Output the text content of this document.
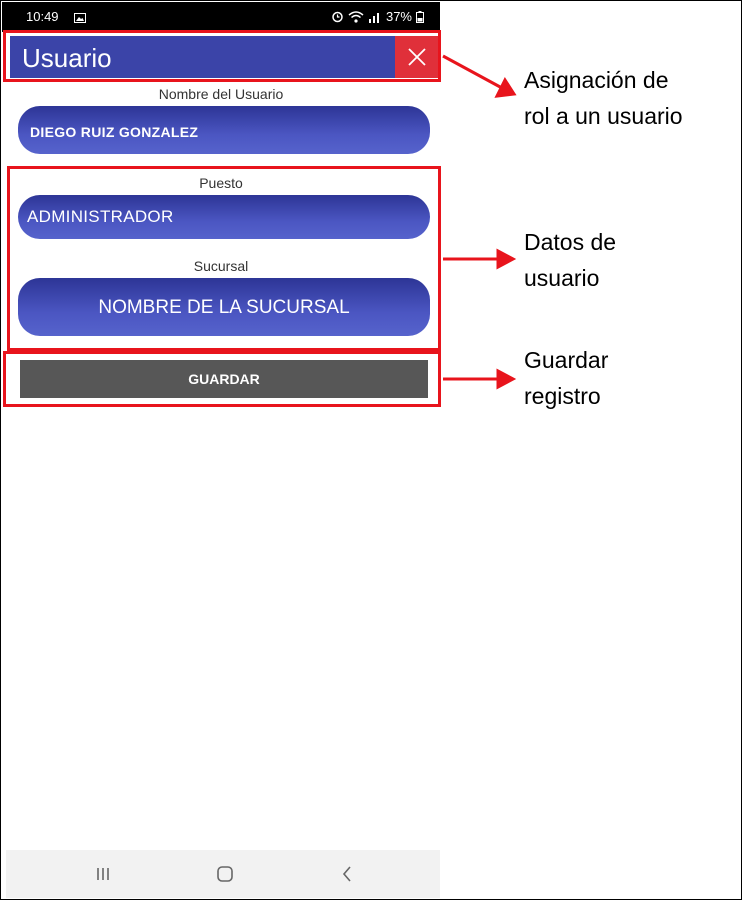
10:49	37%
Usuario
Nombre del Usuario
DIEGO RUIZ GONZALEZ
Puesto
ADMINISTRADOR
Sucursal
NOMBRE DE LA SUCURSAL
GUARDAR
Asignación de
rol a un usuario
Datos de
usuario
Guardar
registro
